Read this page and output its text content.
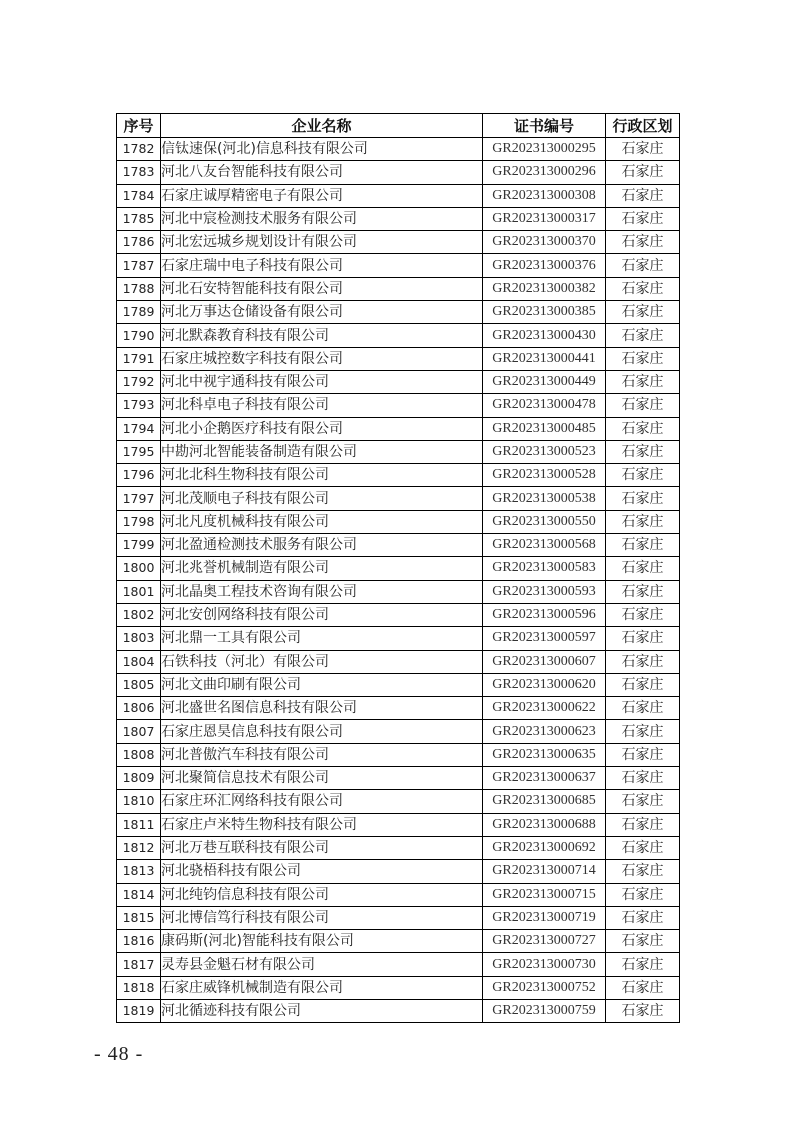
序号	企业名称	证书编号	行政区划
1782	信钛速保(河北)信息科技有限公司	GR202313000295	石家庄
1783	河北八友台智能科技有限公司	GR202313000296	石家庄
1784	石家庄诚厚精密电子有限公司	GR202313000308	石家庄
1785	河北中宸检测技术服务有限公司	GR202313000317	石家庄
1786	河北宏远城乡规划设计有限公司	GR202313000370	石家庄
1787	石家庄瑞中电子科技有限公司	GR202313000376	石家庄
1788	河北石安特智能科技有限公司	GR202313000382	石家庄
1789	河北万事达仓储设备有限公司	GR202313000385	石家庄
1790	河北默森教育科技有限公司	GR202313000430	石家庄
1791	石家庄城控数字科技有限公司	GR202313000441	石家庄
1792	河北中视宇通科技有限公司	GR202313000449	石家庄
1793	河北科卓电子科技有限公司	GR202313000478	石家庄
1794	河北小企鹅医疗科技有限公司	GR202313000485	石家庄
1795	中勘河北智能装备制造有限公司	GR202313000523	石家庄
1796	河北北科生物科技有限公司	GR202313000528	石家庄
1797	河北茂顺电子科技有限公司	GR202313000538	石家庄
1798	河北凡度机械科技有限公司	GR202313000550	石家庄
1799	河北盈通检测技术服务有限公司	GR202313000568	石家庄
1800	河北兆誉机械制造有限公司	GR202313000583	石家庄
1801	河北晶奥工程技术咨询有限公司	GR202313000593	石家庄
1802	河北安创网络科技有限公司	GR202313000596	石家庄
1803	河北鼎一工具有限公司	GR202313000597	石家庄
1804	石铁科技（河北）有限公司	GR202313000607	石家庄
1805	河北文曲印刷有限公司	GR202313000620	石家庄
1806	河北盛世名图信息科技有限公司	GR202313000622	石家庄
1807	石家庄恩昊信息科技有限公司	GR202313000623	石家庄
1808	河北普傲汽车科技有限公司	GR202313000635	石家庄
1809	河北聚简信息技术有限公司	GR202313000637	石家庄
1810	石家庄环汇网络科技有限公司	GR202313000685	石家庄
1811	石家庄卢米特生物科技有限公司	GR202313000688	石家庄
1812	河北万巷互联科技有限公司	GR202313000692	石家庄
1813	河北骁梧科技有限公司	GR202313000714	石家庄
1814	河北纯钧信息科技有限公司	GR202313000715	石家庄
1815	河北博信笃行科技有限公司	GR202313000719	石家庄
1816	康码斯(河北)智能科技有限公司	GR202313000727	石家庄
1817	灵寿县金魁石材有限公司	GR202313000730	石家庄
1818	石家庄威锋机械制造有限公司	GR202313000752	石家庄
1819	河北循迹科技有限公司	GR202313000759	石家庄
- 48 -
